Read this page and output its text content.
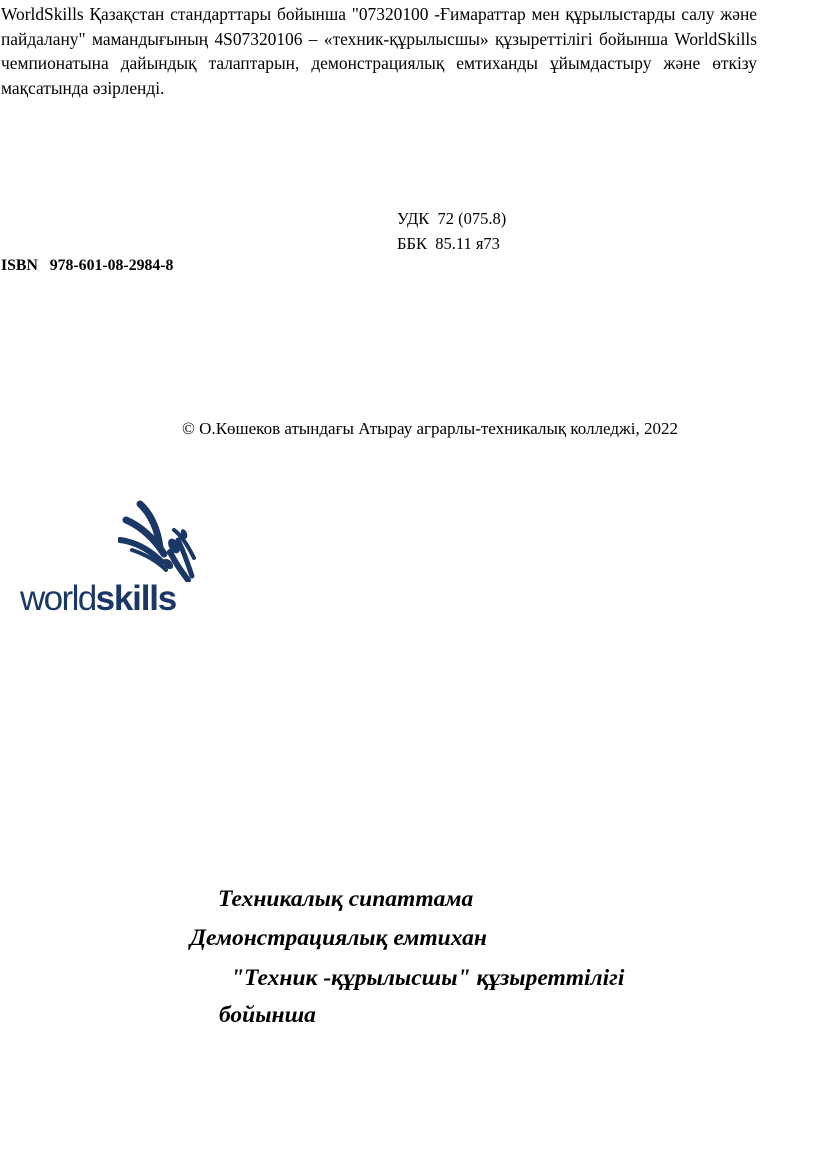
WorldSkills Қазақстан стандарттары бойынша "07320100 -Ғимараттар мен құрылыстарды салу және пайдалану" мамандығының 4S07320106 – «техник-құрылысшы» құзыреттілігі бойынша WorldSkills чемпионатына дайындық талаптарын, демонстрациялық емтиханды ұйымдастыру және өткізу мақсатында әзірленді.
УДК  72 (075.8)
ББК  85.11 я73
ISBN   978-601-08-2984-8
© О.Көшеков атындағы Атырау аграрлы-техникалық колледжі, 2022
worldskills
Техникалық сипаттама
Демонстрациялық емтихан
"Техник -құрылысшы" құзыреттілігі
бойынша
